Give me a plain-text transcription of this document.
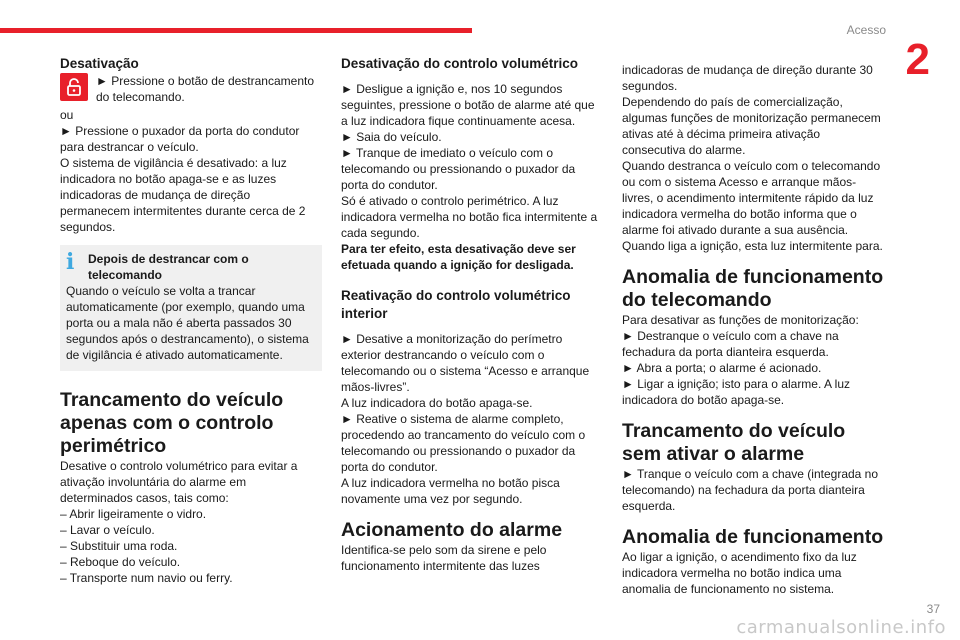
Acesso
2

Desativação

► Pressione o botão de destrancamento do telecomando.

ou

► Pressione o puxador da porta do condutor para destrancar o veículo.

O sistema de vigilância é desativado: a luz indicadora no botão apaga-se e as luzes indicadoras de mudança de direção permanecem intermitentes durante cerca de 2 segundos.

i	Depois de destrancar com o telecomando

Quando o veículo se volta a trancar automaticamente (por exemplo, quando uma porta ou a mala não é aberta passados 30 segundos após o destrancamento), o sistema de vigilância é ativado automaticamente.

Trancamento do veículo apenas com o controlo perimétrico

Desative o controlo volumétrico para evitar a ativação involuntária do alarme em determinados casos, tais como:

– Abrir ligeiramente o vidro.

– Lavar o veículo.

– Substituir uma roda.

– Reboque do veículo.

– Transporte num navio ou ferry.

Desativação do controlo volumétrico

► Desligue a ignição e, nos 10 segundos seguintes, pressione o botão de alarme até que a luz indicadora fique continuamente acesa.

► Saia do veículo.

► Tranque de imediato o veículo com o telecomando ou pressionando o puxador da porta do condutor.

Só é ativado o controlo perimétrico. A luz indicadora vermelha no botão fica intermitente a cada segundo.

Para ter efeito, esta desativação deve ser efetuada quando a ignição for desligada.

Reativação do controlo volumétrico interior

► Desative a monitorização do perímetro exterior destrancando o veículo com o telecomando ou o sistema “Acesso e arranque mãos-livres”.

A luz indicadora do botão apaga-se.

► Reative o sistema de alarme completo, procedendo ao trancamento do veículo com o telecomando ou pressionando o puxador da porta do condutor.

A luz indicadora vermelha no botão pisca novamente uma vez por segundo.

Acionamento do alarme

Identifica-se pelo som da sirene e pelo funcionamento intermitente das luzes

indicadoras de mudança de direção durante 30 segundos.

Dependendo do país de comercialização, algumas funções de monitorização permanecem ativas até à décima primeira ativação consecutiva do alarme.

Quando destranca o veículo com o telecomando ou com o sistema Acesso e arranque mãos-livres, o acendimento intermitente rápido da luz indicadora vermelha do botão informa que o alarme foi ativado durante a sua ausência.

Quando liga a ignição, esta luz intermitente para.

Anomalia de funcionamento do telecomando

Para desativar as funções de monitorização:

► Destranque o veículo com a chave na fechadura da porta dianteira esquerda.

► Abra a porta; o alarme é acionado.

► Ligar a ignição; isto para o alarme. A luz indicadora do botão apaga-se.

Trancamento do veículo sem ativar o alarme

► Tranque o veículo com a chave (integrada no telecomando) na fechadura da porta dianteira esquerda.

Anomalia de funcionamento

Ao ligar a ignição, o acendimento fixo da luz indicadora vermelha no botão indica uma anomalia de funcionamento no sistema.

37
carmanualsonline.info
